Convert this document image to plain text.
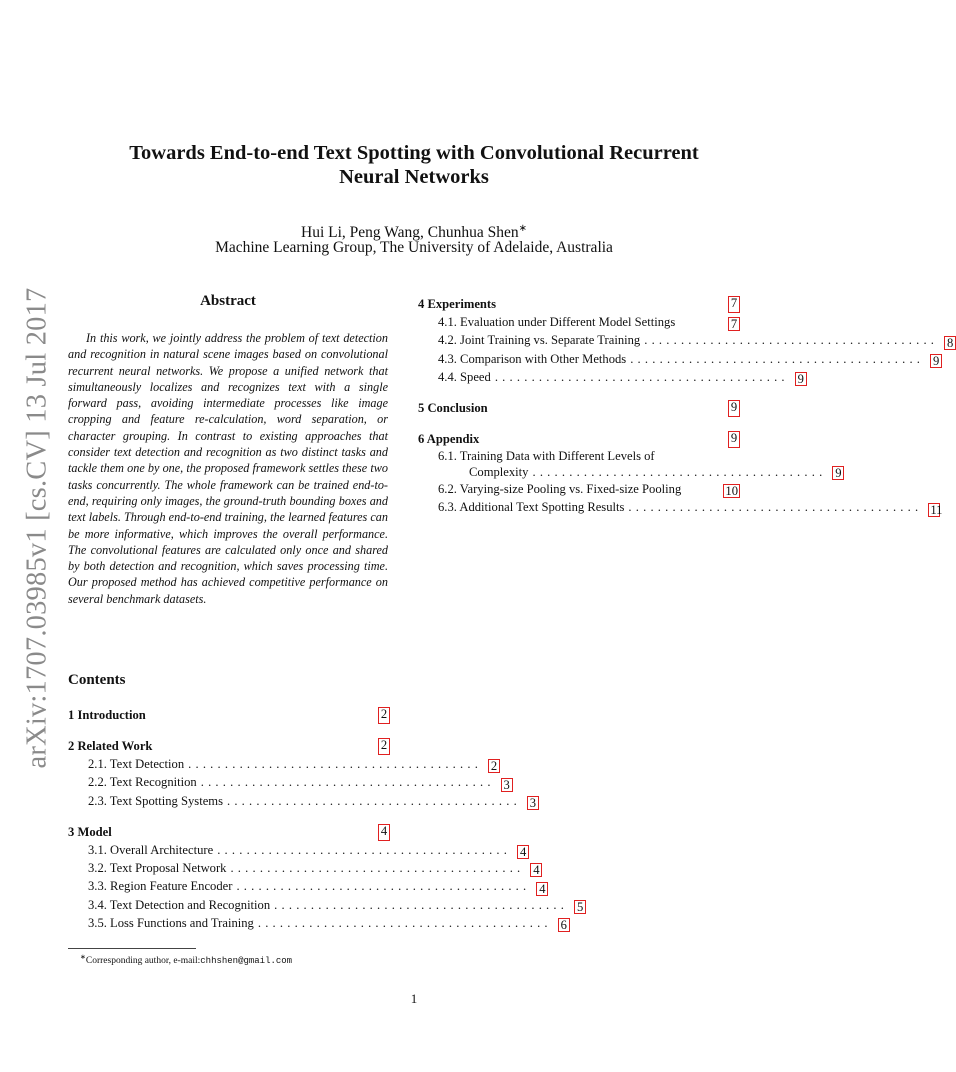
arXiv:1707.03985v1 [cs.CV] 13 Jul 2017
Towards End-to-end Text Spotting with Convolutional Recurrent
Neural Networks
Hui Li, Peng Wang, Chunhua Shen∗
Machine Learning Group, The University of Adelaide, Australia
Abstract
In this work, we jointly address the problem of text detection and recognition in natural scene images based on convolutional recurrent neural networks. We propose a unified network that simultaneously localizes and recognizes text with a single forward pass, avoiding intermediate processes like image cropping and feature re-calculation, word separation, or character grouping. In contrast to existing approaches that consider text detection and recognition as two distinct tasks and tackle them one by one, the proposed framework settles these two tasks concurrently. The whole framework can be trained end-to-end, requiring only images, the ground-truth bounding boxes and text labels. Through end-to-end training, the learned features can be more informative, which improves the overall performance. The convolutional features are calculated only once and shared by both detection and recognition, which saves processing time. Our proposed method has achieved competitive performance on several benchmark datasets.
Contents
1 Introduction	2
2 Related Work	2
2.1. Text Detection ........................................ 2
2.2. Text Recognition ........................................ 3
2.3. Text Spotting Systems ........................................ 3
3 Model	4
3.1. Overall Architecture ........................................ 4
3.2. Text Proposal Network ........................................ 4
3.3. Region Feature Encoder ........................................ 4
3.4. Text Detection and Recognition ........................................ 5
3.5. Loss Functions and Training ........................................ 6
4 Experiments	7
4.1. Evaluation under Different Model Settings	7
4.2. Joint Training vs. Separate Training ........................................ 8
4.3. Comparison with Other Methods ........................................ 9
4.4. Speed ........................................ 9
5 Conclusion	9
6 Appendix	9
6.1. Training Data with Different Levels of
Complexity ........................................ 9
6.2. Varying-size Pooling vs. Fixed-size Pooling	10
6.3. Additional Text Spotting Results ........................................ 11
∗Corresponding author, e-mail:chhshen@gmail.com
1
